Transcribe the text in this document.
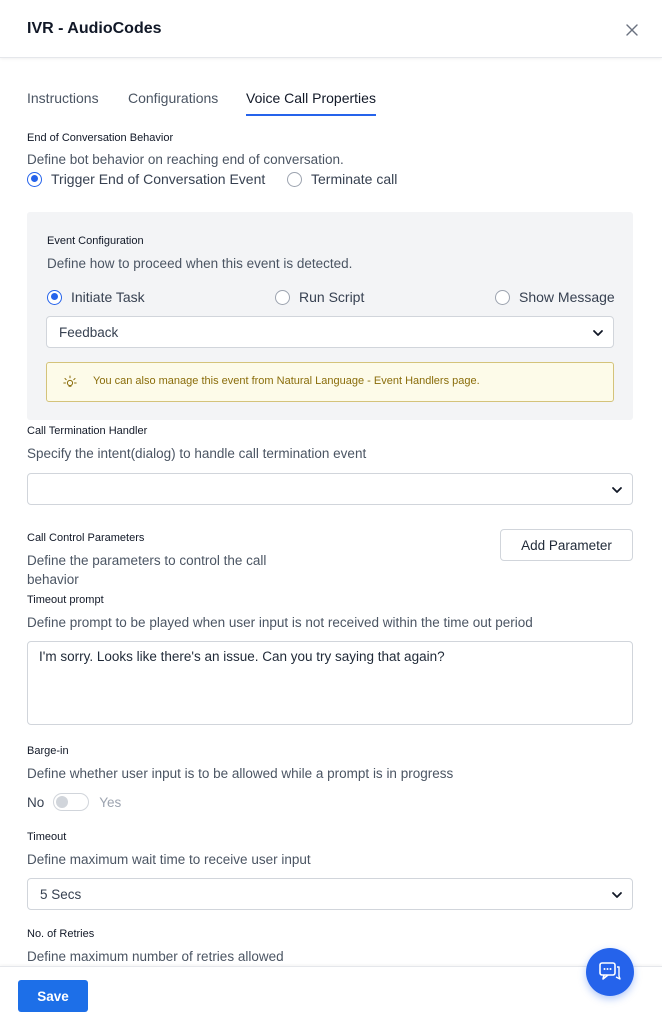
IVR - AudioCodes
Instructions Configurations Voice Call Properties
End of Conversation Behavior
Define bot behavior on reaching end of conversation.
Trigger End of Conversation Event	Terminate call
Event Configuration
Define how to proceed when this event is detected.
Initiate Task	Run Script	Show Message
Feedback
You can also manage this event from Natural Language - Event Handlers page.
Call Termination Handler
Specify the intent(dialog) to handle call termination event
Call Control Parameters
Define the parameters to control the call
behavior
Add Parameter
Timeout prompt
Define prompt to be played when user input is not received within the time out period
I'm sorry. Looks like there's an issue. Can you try saying that again?
Barge-in
Define whether user input is to be allowed while a prompt is in progress
No	Yes
Timeout
Define maximum wait time to receive user input
5 Secs
No. of Retries
Define maximum number of retries allowed
Save
